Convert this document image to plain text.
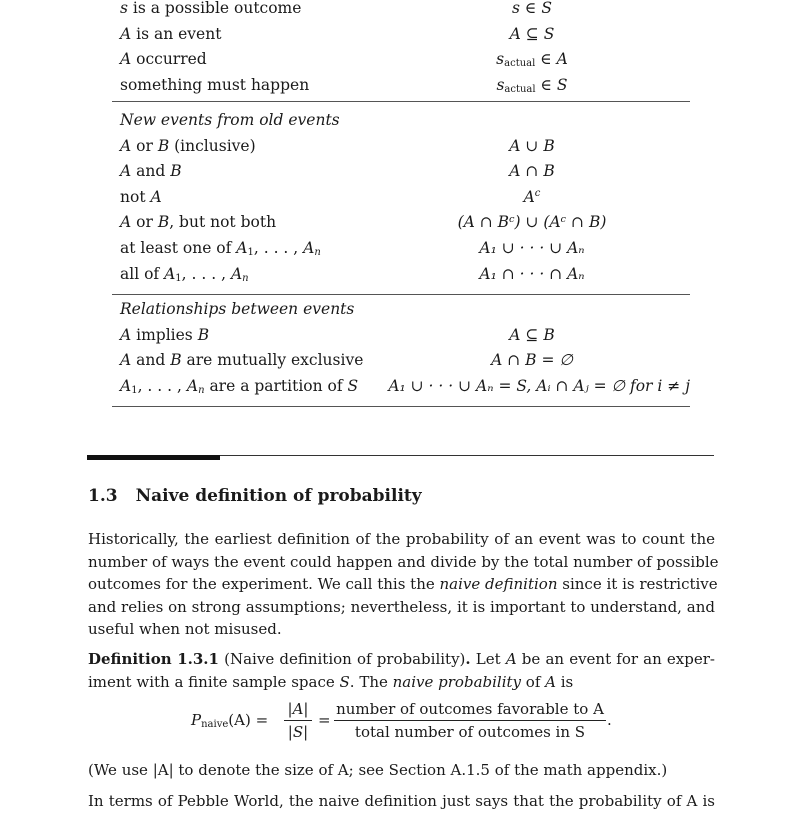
s is a possible outcome	s ∈ S
A is an event	A ⊆ S
A occurred	$s_{actual}$ ∈ A
something must happen	$s_{actual}$ ∈ S
New events from old events
A or B (inclusive)	A ∪ B
A and B	A ∩ B
not A	$A^c$
A or B, but not both	(A ∩ Bᶜ) ∪ (Aᶜ ∩ B)
at least one of $A_1$, . . . , $A_n$	A₁ ∪ · · · ∪ Aₙ
all of $A_1$, . . . , $A_n$	A₁ ∩ · · · ∩ Aₙ
Relationships between events
A implies B	A ⊆ B
A and B are mutually exclusive	A ∩ B = ∅
$A_1$, . . . , $A_n$ are a partition of S	A₁ ∪ · · · ∪ Aₙ = S, Aᵢ ∩ Aⱼ = ∅ for i ≠ j
1.3 Naive definition of probability
Historically, the earliest definition of the probability of an event was to count the
number of ways the event could happen and divide by the total number of possible
outcomes for the experiment. We call this the naive definition since it is restrictive
and relies on strong assumptions; nevertheless, it is important to understand, and
useful when not misused.
Definition 1.3.1 (Naive definition of probability). Let A be an event for an exper-
iment with a finite sample space S. The naive probability of A is
$P_{naive}(A)$ =
|A|
|S|
=
number of outcomes favorable to A
total number of outcomes in S
.
(We use |A| to denote the size of A; see Section A.1.5 of the math appendix.)
In terms of Pebble World, the naive definition just says that the probability of A is
